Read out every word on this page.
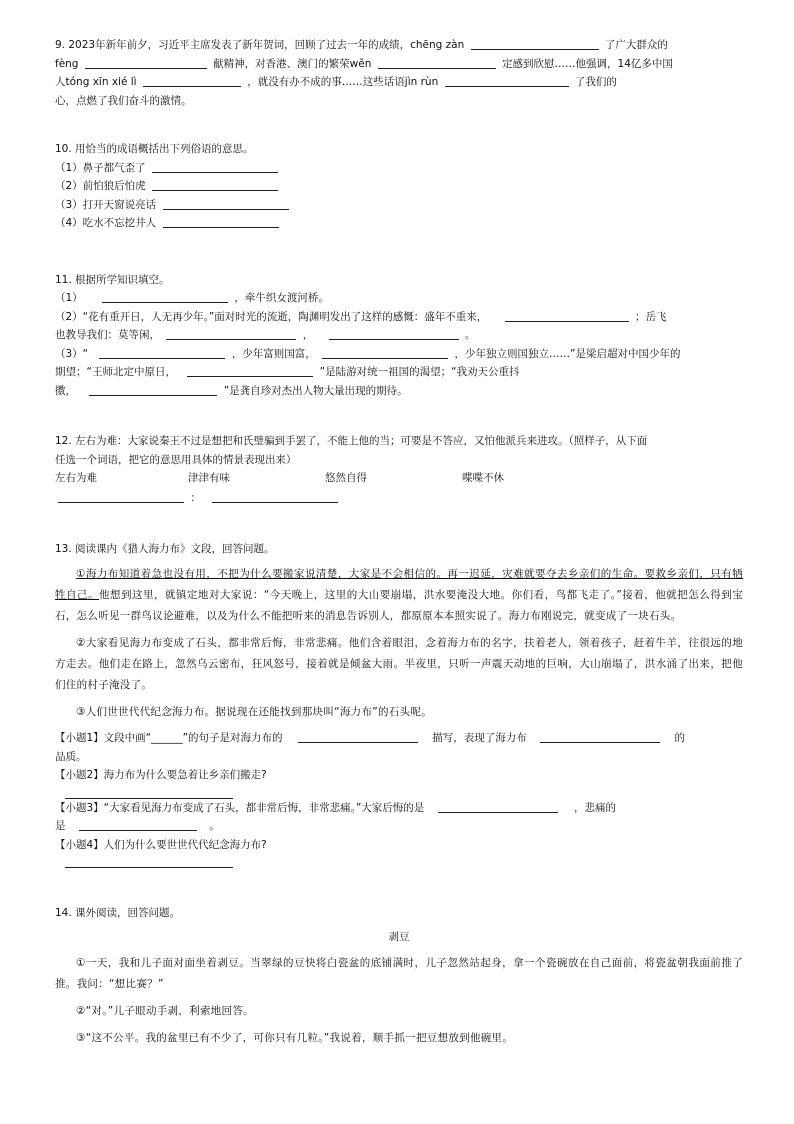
9. 2023年新年前夕，习近平主席发表了新年贺词，回顾了过去一年的成绩，chēng zàn	了广大群众的
fèng	献精神，对香港、澳门的繁荣wěn	定感到欣慰……他强调，14亿多中国
人tóng xīn xié lì	，就没有办不成的事……这些话语jìn rùn	了我们的
心，点燃了我们奋斗的激情。
10. 用恰当的成语概括出下列俗语的意思。
（1）鼻子都气歪了
（2）前怕狼后怕虎
（3）打开天窗说亮话
（4）吃水不忘挖井人
11. 根据所学知识填空。
（1）	，牵牛织女渡河桥。
（2）“花有重开日，人无再少年。”面对时光的流逝，陶渊明发出了这样的感慨：盛年不重来，	；岳飞
也教导我们：莫等闲，	，	。
（3）“	，少年富则国富，	，少年独立则国独立……”是梁启超对中国少年的
期望；“王师北定中原日，	”是陆游对统一祖国的渴望；“我劝天公重抖
擞，	”是龚自珍对杰出人物大量出现的期待。
12. 左右为难：大家说秦王不过是想把和氏璧骗到手罢了，不能上他的当；可要是不答应，又怕他派兵来进攻。（照样子，从下面
任选一个词语，把它的意思用具体的情景表现出来）
左右为难	津津有味	悠然自得	喋喋不休
：
13. 阅读课内《猎人海力布》文段，回答问题。
①海力布知道着急也没有用，不把为什么要搬家说清楚，大家是不会相信的。再一迟延，灾难就要夺去乡亲们的生命。要救乡亲们，只有牺牲自己。他想到这里，就镇定地对大家说：“今天晚上，这里的大山要崩塌，洪水要淹没大地。你们看，鸟都飞走了。”接着，他就把怎么得到宝石，怎么听见一群鸟议论避难，以及为什么不能把听来的消息告诉别人，都原原本本照实说了。海力布刚说完，就变成了一块石头。
②大家看见海力布变成了石头，都非常后悔，非常悲痛。他们含着眼泪，念着海力布的名字，扶着老人，领着孩子，赶着牛羊，往很远的地方走去。他们走在路上，忽然乌云密布，狂风怒号，接着就是倾盆大雨。半夜里，只听一声震天动地的巨响，大山崩塌了，洪水涌了出来，把他们住的村子淹没了。
③人们世世代代纪念海力布。据说现在还能找到那块叫“海力布”的石头呢。
【小题1】文段中画“______”的句子是对海力布的	描写，表现了海力布	的
品质。
【小题2】海力布为什么要急着让乡亲们搬走?
【小题3】“大家看见海力布变成了石头，都非常后悔，非常悲痛。”大家后悔的是	，悲痛的
是	。
【小题4】人们为什么要世世代代纪念海力布?
14. 课外阅读，回答问题。
剥豆
①一天，我和儿子面对面坐着剥豆。当翠绿的豆快将白瓷盆的底铺满时，儿子忽然站起身，拿一个瓷碗放在自己面前，将瓷盆朝我面前推了推。我问：“想比赛？”
②“对。”儿子眼动手剥，利索地回答。
③“这不公平。我的盆里已有不少了，可你只有几粒。”我说着，顺手抓一把豆想放到他碗里。
